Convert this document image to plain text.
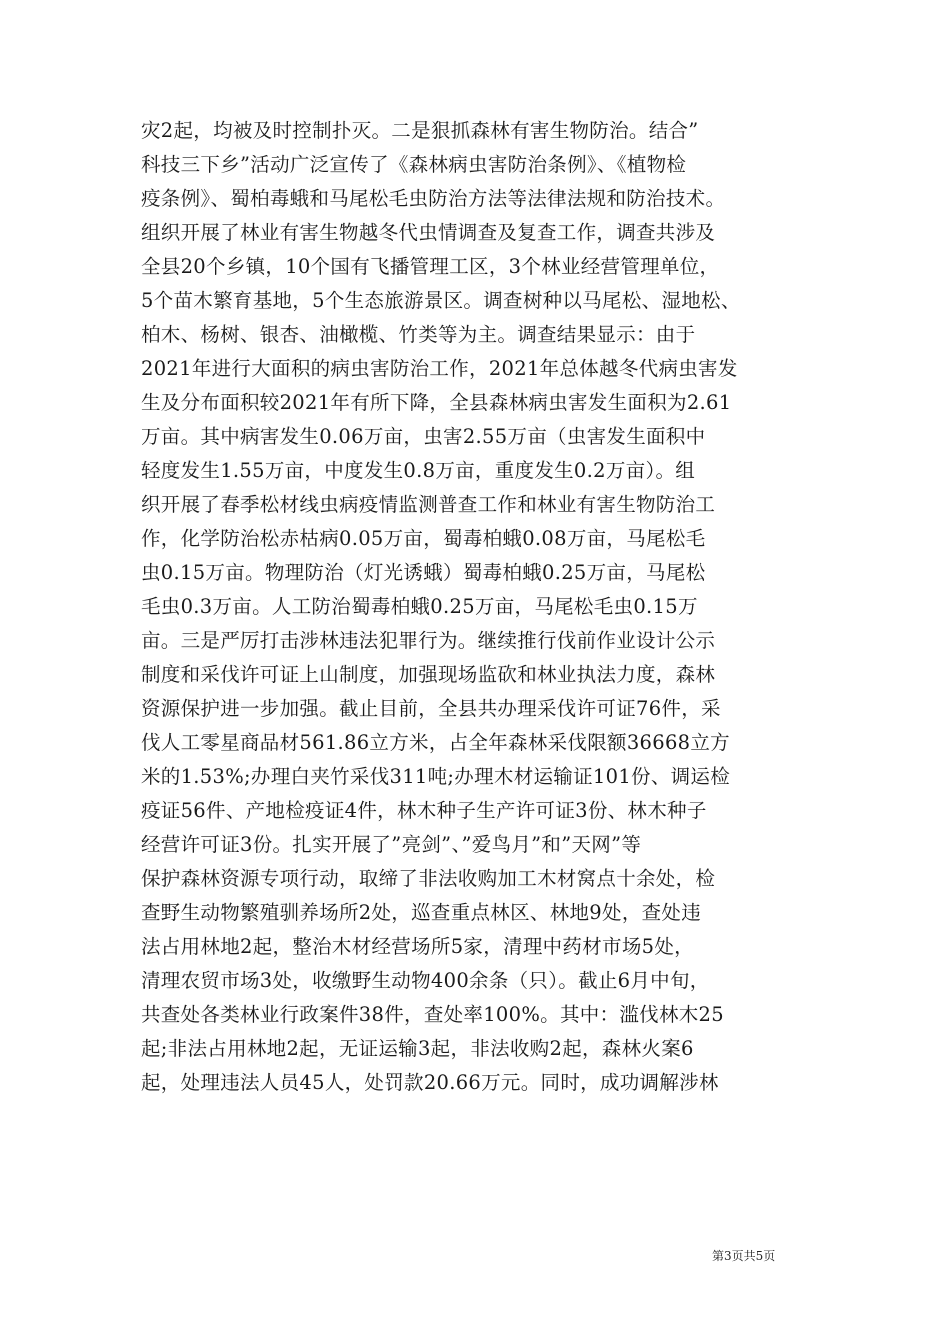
灾2起，均被及时控制扑灭。二是狠抓森林有害生物防治。结合”
科技三下乡”活动广泛宣传了《森林病虫害防治条例》、《植物检
疫条例》、蜀柏毒蛾和马尾松毛虫防治方法等法律法规和防治技术。
组织开展了林业有害生物越冬代虫情调查及复查工作，调查共涉及
全县20个乡镇，10个国有飞播管理工区，3个林业经营管理单位，
5个苗木繁育基地，5个生态旅游景区。调查树种以马尾松、湿地松、
柏木、杨树、银杏、油橄榄、竹类等为主。调查结果显示：由于
2021年进行大面积的病虫害防治工作，2021年总体越冬代病虫害发
生及分布面积较2021年有所下降，全县森林病虫害发生面积为2.61
万亩。其中病害发生0.06万亩，虫害2.55万亩（虫害发生面积中
轻度发生1.55万亩，中度发生0.8万亩，重度发生0.2万亩）。组
织开展了春季松材线虫病疫情监测普查工作和林业有害生物防治工
作，化学防治松赤枯病0.05万亩，蜀毒柏蛾0.08万亩，马尾松毛
虫0.15万亩。物理防治（灯光诱蛾）蜀毒柏蛾0.25万亩，马尾松
毛虫0.3万亩。人工防治蜀毒柏蛾0.25万亩，马尾松毛虫0.15万
亩。三是严厉打击涉林违法犯罪行为。继续推行伐前作业设计公示
制度和采伐许可证上山制度，加强现场监砍和林业执法力度，森林
资源保护进一步加强。截止目前，全县共办理采伐许可证76件，采
伐人工零星商品材561.86立方米，占全年森林采伐限额36668立方
米的1.53%;办理白夹竹采伐311吨;办理木材运输证101份、调运检
疫证56件、产地检疫证4件，林木种子生产许可证3份、林木种子
经营许可证3份。扎实开展了”亮剑”、”爱鸟月”和”天网”等
保护森林资源专项行动，取缔了非法收购加工木材窝点十余处，检
查野生动物繁殖驯养场所2处，巡查重点林区、林地9处，查处违
法占用林地2起，整治木材经营场所5家，清理中药材市场5处，
清理农贸市场3处，收缴野生动物400余条（只）。截止6月中旬，
共查处各类林业行政案件38件，查处率100%。其中：滥伐林木25
起;非法占用林地2起，无证运输3起，非法收购2起，森林火案6
起，处理违法人员45人，处罚款20.66万元。同时，成功调解涉林
第3页共5页
